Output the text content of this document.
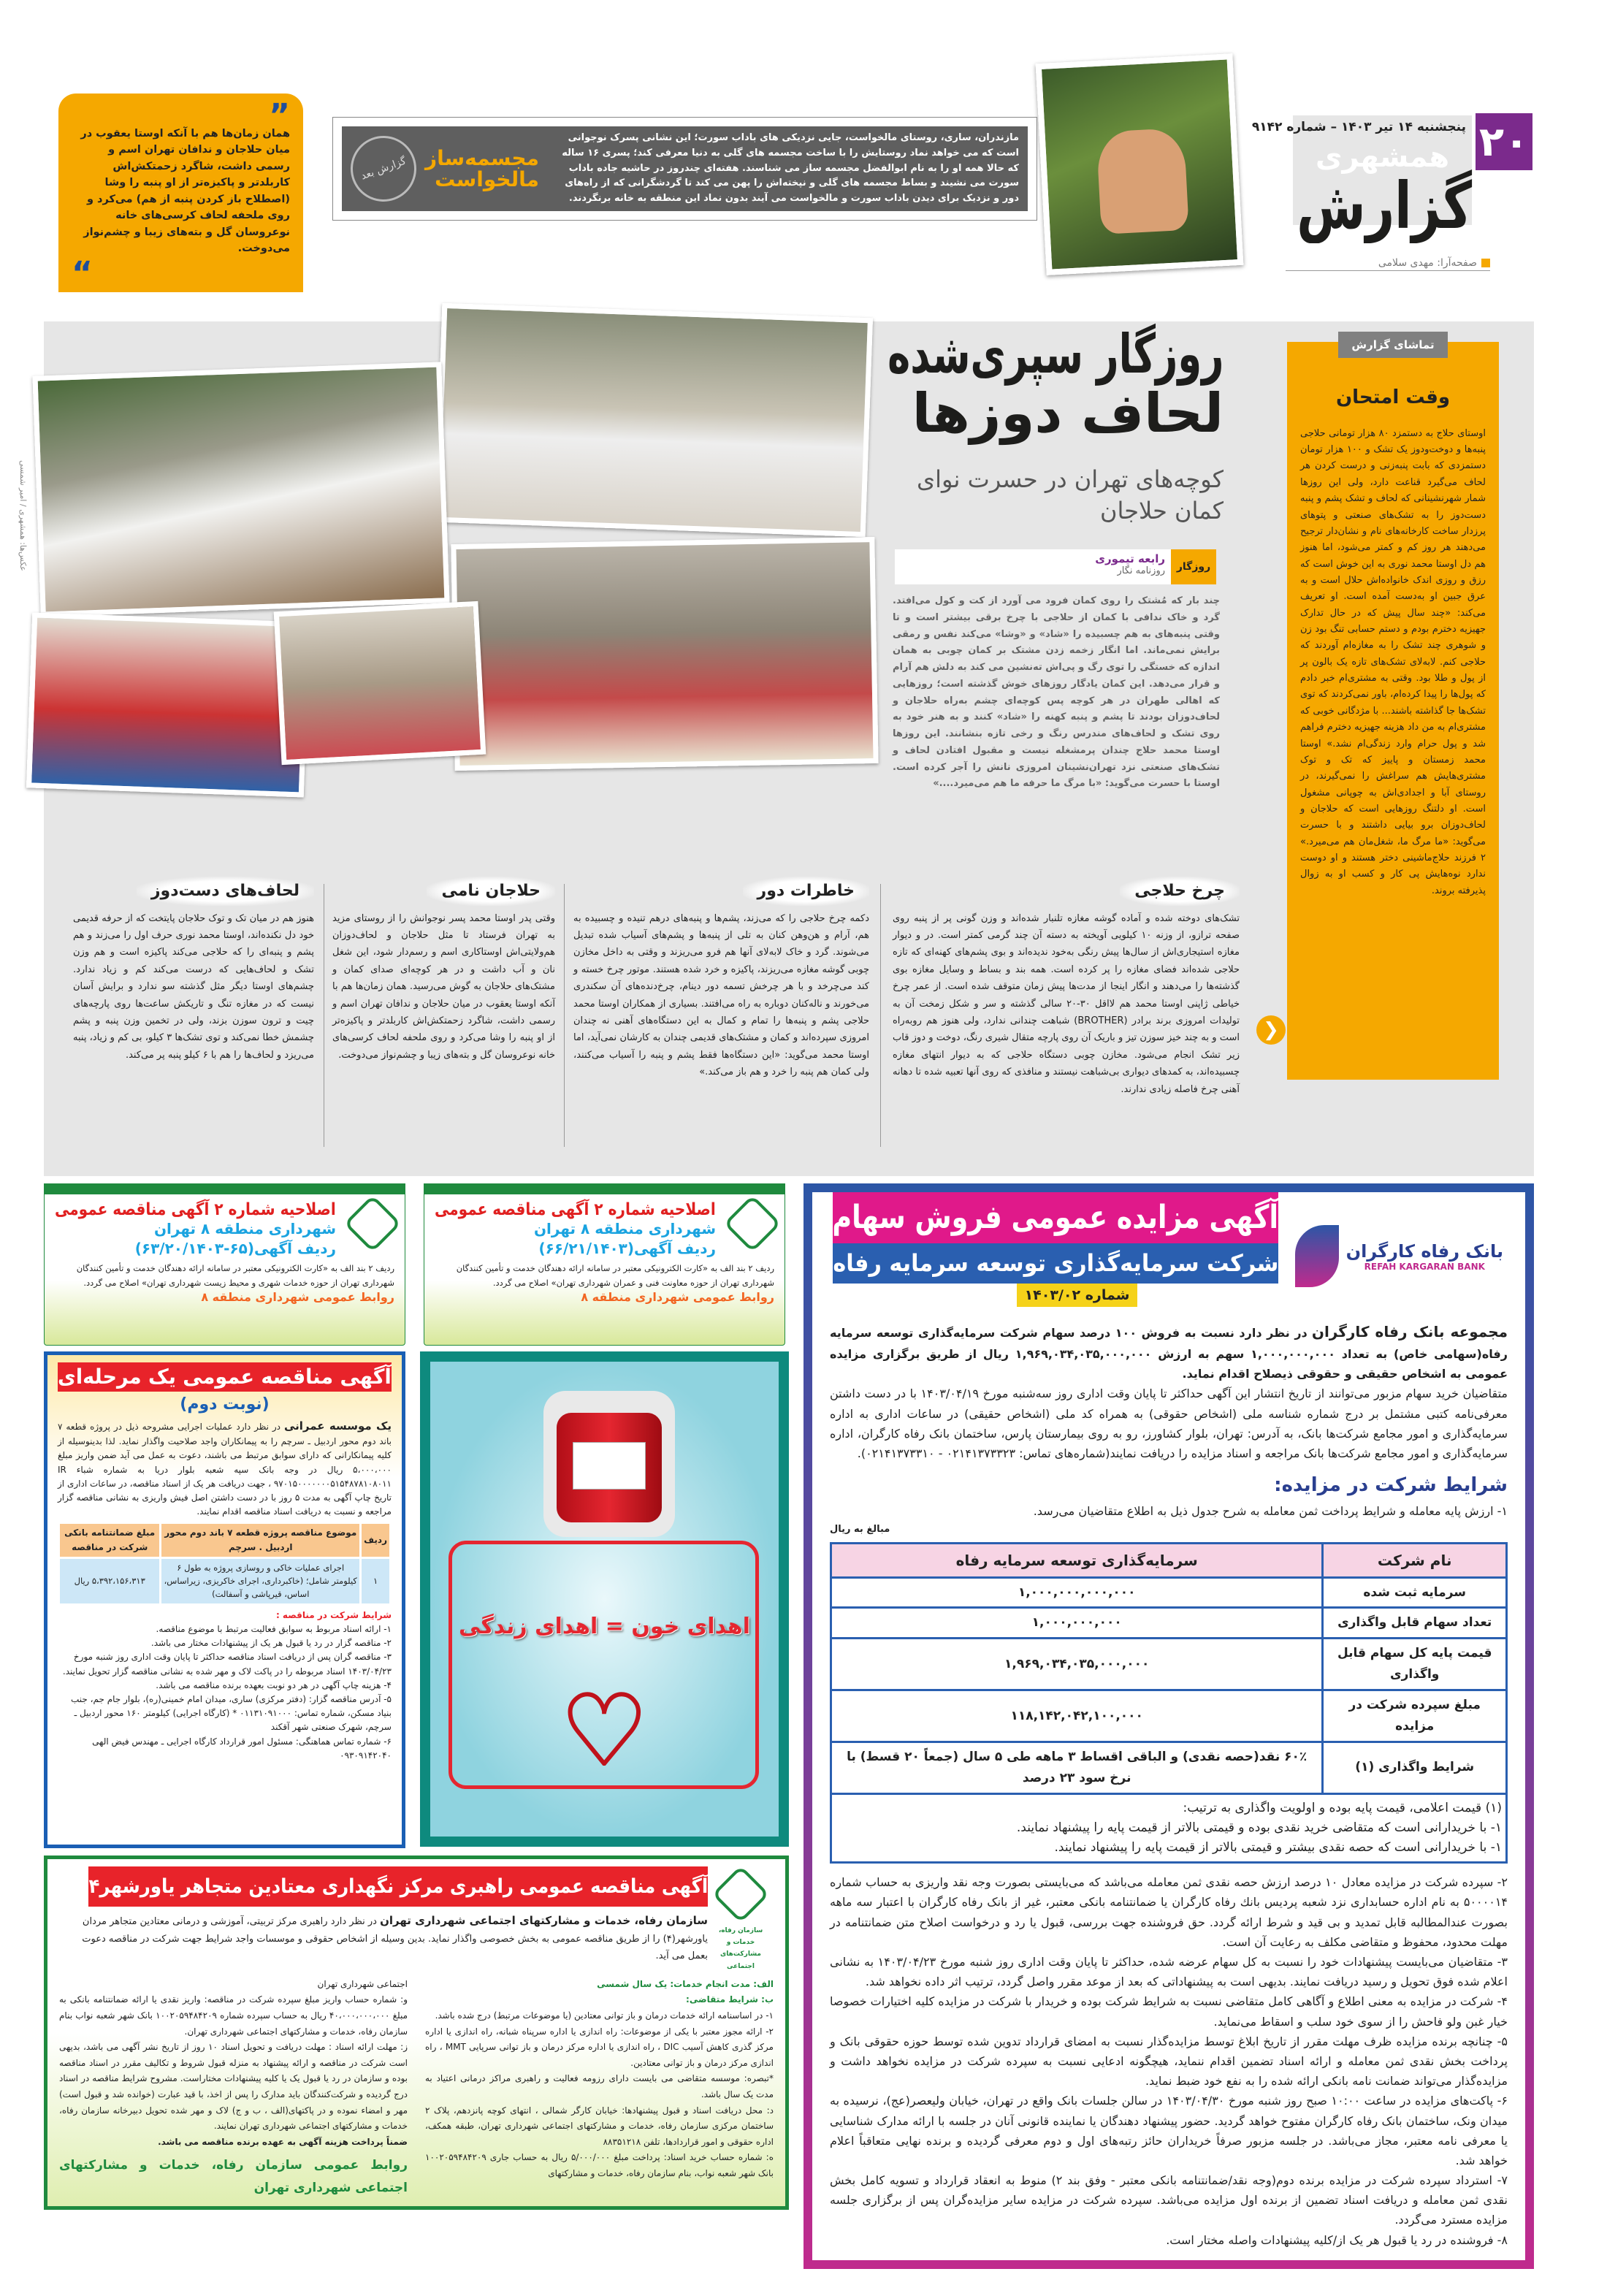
پنجشنبه ۱۴ تیر ۱۴۰۳ – شماره ۹۱۴۲
همشهری ۲۰
گزارش
صفحه‌آرا: مهدی سلامی
مازندران، ساری، روستای مالخواست، جایی نزدیکی های باداب سورت؛ این نشانی پسرک نوجوانی است که می خواهد نماد روستایش را با ساخت مجسمه های گلی به دنیا معرفی کند؛ پسری ۱۶ ساله که حالا همه او را به نام ابوالفضل مجسمه ساز می شناسند. هفته‌ای چندروز در حاشیه جاده باداب سورت می نشیند و بساط مجسمه های گلی و نپخته‌اش را پهن می کند تا گردشگرانی که از راه‌های دور و نزدیک برای دیدن باداب سورت و مالخواست می آیند بدون نماد این منطقه به خانه برنگردند.
مجسمه‌ساز
مالخواست
گزارش بعد
”
همان زمان‌ها هم با آنکه اوستا یعقوب در میان حلاجان و ندافان تهران اسم و رسمی داشت، شاگرد زحمتکش‌اش کاربلدتر و پاکیزه‌تر از او پنبه را وشا (اصطلاح باز کردن پنبه از هم) می‌کرد و روی ملحفه لحاف کرسی‌های خانه نوعروسان گل و بته‌های زیبا و چشم‌نواز می‌دوخت.
“
عکس‌ها: همشهری / امیر شمسی
روزگار سپری‌شده
لحاف دوزها
کوچه‌های تهران در حسرت نوای کمان حلاجان
روزگار
رابعه تیموری
روزنامه نگار
چند بار که مُشتک را روی کمان فرود می آورد از کت و کول می‌افتد. گرد و خاک ندافی با کمان از حلاجی با چرخ برقی بیشتر است و تا وقتی پنبه‌های به هم چسبیده را «شاد» و «وشا» می‌کند نفس و رمقی برایش نمی‌ماند. اما انگار زخمه زدن مشتک بر کمان چوبی به همان اندازه که خستگی را توی رگ و پی‌اش ته‌نشین می کند به دلش هم آرام و قرار می‌دهد. این کمان یادگار روزهای خوش گذشته است؛ روزهایی که اهالی طهران در هر کوچه پس کوچه‌ای چشم به‌راه حلاجان و لحاف‌دوزان بودند تا پشم و پنبه کهنه را «شاد» کنند و به هنر خود به روی تشک و لحاف‌های مندرس رنگ و رخی تازه بنشانند. این روزها اوستا محمد حلاج چندان پرمشغله نیست و مقبول افتادن لحاف و تشک‌های صنعتی نزد تهران‌نشینان امروزی نانش را آجر کرده است. اوستا با حسرت می‌گوید: «با مرگ ما حرفه ما هم می‌میرد....»
چرخ حلاجی
تشک‌های دوخته شده و آماده گوشه مغازه تلنبار شده‌اند و وزن گونی پر از پنبه روی صفحه ترازو، از وزنه ۱۰ کیلویی آویخته به دسته آن چند گرمی کمتر است. در و دیوار مغازه استیجاری‌اش از سال‌ها پیش رنگی به‌خود ندیده‌اند و بوی پشم‌های کهنه‌ای که تازه حلاجی شده‌اند فضای مغازه را پر کرده است. همه بند و بساط و وسایل مغازه بوی گذشته‌ها را می‌دهند و انگار اینجا از مدت‌ها پیش زمان متوقف شده است. از عمر چرخ خیاطی ژاپنی اوستا محمد هم لااقل ۳۰-۲۰ سالی گذشته و سر و شکل زمخت آن به تولیدات امروزی برند برادر (BROTHER) شباهت چندانی ندارد، ولی هنوز هم روبه‌راه است و به چند خیز سوزن تیز و باریک آن روی پارچه متقال شیری رنگ، دوخت و دوز قاب زیر تشک انجام می‌شود. مخازن چوبی دستگاه حلاجی که به دیوار انتهای مغازه چسبیده‌اند، به کمدهای دیواری بی‌شباهت نیستند و منافذی که روی آنها تعبیه شده تا دهانه آهنی چرخ فاصله زیادی ندارند.
خاطرات دور
دکمه چرخ حلاجی را که می‌زند، پشم‌ها و پنبه‌های درهم تنیده و چسبیده به هم، آرام و هن‌وهن کنان به تلی از پنبه‌ها و پشم‌های آسیاب شده تبدیل می‌شوند. گرد و خاک لابه‌لای آنها هم فرو می‌ریزند و وقتی به داخل مخازن چوبی گوشه مغازه می‌ریزند، پاکیزه و خرد شده هستند. موتور چرخ خسته و کند می‌چرخد و با هر چرخش تسمه دور دینام، چرخ‌دنده‌های آن سکندری می‌خورند و ناله‌کنان دوباره به راه می‌افتند. بسیاری از همکاران اوستا محمد حلاجی پشم و پنبه‌ها را تمام و کمال به این دستگاه‌های آهنی نه چندان امروزی سپرده‌اند و کمان و مشتک‌های قدیمی چندان به کارشان نمی‌آید، اما اوستا محمد می‌گوید: «این دستگاه‌ها فقط پشم و پنبه را آسیاب می‌کنند، ولی کمان هم پنبه را خرد و هم باز می‌کند.»
حلاجان نامی
وقتی پدر اوستا محمد پسر نوجوانش را از روستای مزید به تهران فرستاد تا مثل حلاجان و لحاف‌دوزان هم‌ولایتی‌اش اوستاکاری اسم و رسم‌دار شود، این شغل نان و آب داشت و در هر کوچه‌ای صدای کمان و مشتک‌های حلاجان به گوش می‌رسید. همان زمان‌ها هم با آنکه اوستا یعقوب در میان حلاجان و ندافان تهران اسم و رسمی داشت، شاگرد زحمتکش‌اش کاربلدتر و پاکیزه‌تر از او پنبه را وشا می‌کرد و روی ملحفه لحاف کرسی‌های خانه نوعروسان گل و بته‌های زیبا و چشم‌نواز می‌دوخت.
لحاف‌های دست‌دوز
هنوز هم در میان تک و توک حلاجان پایتخت که از حرفه قدیمی خود دل نکنده‌اند، اوستا محمد نوری حرف اول را می‌زند و هم پشم و پنبه‌ای را که حلاجی می‌کند پاکیزه است و هم وزن تشک و لحاف‌هایی که درست می‌کند کم و زیاد ندارد. چشم‌های اوستا دیگر مثل گذشته سو ندارد و برایش آسان نیست که در مغازه تنگ و تاریکش ساعت‌ها روی پارچه‌های چیت و ترون سوزن بزند، ولی در تخمین وزن پنبه و پشم چشمش خطا نمی‌کند و توی تشک‌ها ۳ کیلو، بی کم و زیاد، پنبه می‌ریزد و لحاف‌ها را هم با ۶ کیلو پنبه پر می‌کند.
تماشای گزارش
وقت امتحان
اوستای حلاج به دستمزد ۸۰ هزار تومانی حلاجی پنبه‌ها و دوخت‌ودوز یک تشک و ۱۰۰ هزار تومان دستمزدی که بابت پنبه‌زنی و درست کردن هر لحاف می‌گیرد قناعت دارد، ولی این روزها شمار شهرنشینانی که لحاف و تشک پشم و پنبه دست‌دوز را به تشک‌های صنعتی و پتوهای پرزدار ساخت کارخانه‌های نام و نشان‌دار ترجیح می‌دهند هر روز کم و کمتر می‌شود، اما هنوز هم دل اوستا محمد نوری به این خوش است که رزق و روزی اندک خانواده‌اش حلال است و به عرق جبین او به‌دست آمده است. او تعریف می‌کند: «چند سال پیش که در حال تدارک جهیزیه دخترم بودم و دستم حسابی تنگ بود زن و شوهری چند تشک را به مغازه‌ام آوردند که حلاجی کنم. لابه‌لای تشک‌های تازه یک بالون پر از پول و طلا بود. وقتی به مشتری‌ام خبر دادم که پول‌ها را پیدا کرده‌ام، باور نمی‌کردند که توی تشک‌ها جا گذاشته باشند... با مژدگانی خوبی که مشتری‌ام به من داد هزینه جهیزیه دخترم فراهم شد و پول حرام وارد زندگی‌ام نشد.» اوستا محمد زمستان و پاییز که تک و توک مشتری‌هایش هم سراغش را نمی‌گیرند، در روستای آبا و اجدادی‌اش به چوپانی مشغول است. او دلتنگ روزهایی است که حلاجان و لحاف‌دوزان برو بیایی داشتند و با حسرت می‌گوید: «ما مرگ ما، شغل‌مان هم می‌میرد.» ۲ فرزند حلاج‌ماشینی دختر هستند و او دوست ندارد نوه‌هایش پی کار و کسب او به زوال پذیرفته بروند.
❮
آگهی مزایده عمومی فروش سهام
شرکت سرمایه‌گذاری توسعه سرمایه رفاه
شماره ۱۴۰۳/۰۲
بانک رفاه کارگران
REFAH KARGARAN BANK

مجموعه بانک رفاه کارگران در نظر دارد نسبت به فروش ۱۰۰ درصد سهام شرکت سرمایه‌گذاری توسعه سرمایه رفاه(سهامی خاص) به تعداد ۱,۰۰۰,۰۰۰,۰۰۰ سهم به ارزش ۱,۹۶۹,۰۳۴,۰۳۵,۰۰۰,۰۰۰ ریال از طریق برگزاری مزایده عمومی به اشخاص حقیقی و حقوقی ذیصلاح اقدام نماید.

متقاضیان خرید سهام مزبور می‌توانند از تاریخ انتشار این آگهی حداکثر تا پایان وقت اداری روز سه‌شنبه مورخ ۱۴۰۳/۰۴/۱۹ با در دست داشتن معرفی‌نامه کتبی مشتمل بر درج شماره شناسه ملی (اشخاص حقوقی) به همراه کد ملی (اشخاص حقیقی) در ساعات اداری به اداره سرمایه‌گذاری و امور مجامع شرکت‌ها بانک، به آدرس: تهران، بلوار کشاورز، رو به روی بیمارستان پارس، ساختمان بانک رفاه کارگران، اداره سرمایه‌گذاری و امور مجامع شرکت‌ها بانک مراجعه و اسناد مزایده را دریافت نمایند(شماره‌های تماس: ۰۲۱۴۱۳۷۳۳۲۳ - ۰۲۱۴۱۳۷۳۳۱۰).

شرایط شرکت در مزایده:

۱- ارزش پایه معامله و شرایط پرداخت ثمن معامله به شرح جدول ذیل به اطلاع متقاضیان می‌رسد.

مبالغ به ریال
نام شرکت	سرمایه‌گذاری توسعه سرمایه رفاه
سرمایه ثبت شده	۱,۰۰۰,۰۰۰,۰۰۰,۰۰۰
تعداد سهام قابل واگذاری	۱,۰۰۰,۰۰۰,۰۰۰
قیمت پایه کل سهام قابل واگذاری	۱,۹۶۹,۰۳۴,۰۳۵,۰۰۰,۰۰۰
مبلغ سپرده شرکت در مزایده	۱۱۸,۱۴۲,۰۴۲,۱۰۰,۰۰۰
شرایط واگذاری (۱)	۶۰٪ نقد(حصه نقدی) و الباقی اقساط ۳ ماهه طی ۵ سال (جمعاً ۲۰ قسط) با نرخ سود ۲۳ درصد

(۱) قیمت اعلامی، قیمت پایه بوده و اولویت واگذاری به ترتیب:
۱- با خریدارانی است که متقاضی خرید نقدی بوده و قیمتی بالاتر از قیمت پایه را پیشنهاد نمایند.
۱- با خریدارانی است که حصه نقدی بیشتر و قیمتی بالاتر از قیمت پایه را پیشنهاد نمایند.	

۲- سپرده شرکت در مزایده معادل ۱۰ درصد ارزش حصه نقدی ثمن معامله می‌باشد که می‌بایستی بصورت وجه نقد واریزی به حساب شماره ۵۰۰۰۰۱۴ به نام اداره حسابداری نزد شعبه پردیس بانك رفاه کارگران یا ضمانتنامه بانکی معتبر، غیر از بانک رفاه کارگران با اعتبار سه ماهه بصورت عندالمطالبه قابل تمدید و بی قید و شرط ارائه گردد. حق فروشنده جهت بررسی، قبول یا رد و درخواست اصلاح متن ضمانتنامه در مهلت محدود، محفوظ و متقاضی مکلف به رعایت آن است.

۳- متقاضیان می‌بایست پیشنهادات خود را نسبت به کل سهام عرضه شده، حداکثر تا پایان وقت اداری روز شنبه مورخ ۱۴۰۳/۰۴/۲۳ به نشانی اعلام شده فوق تحویل و رسید دریافت نمایند. بدیهی است به پیشنهاداتی که بعد از موعد مقرر واصل گردد، ترتیب اثر داده نخواهد شد.

۴- شرکت در مزایده به معنی اطلاع و آگاهی کامل متقاضی نسبت به شرایط شرکت بوده و خریدار با شرکت در مزایده کلیه اختیارات خصوصا خیار غبن ولو فاحش را از سوی خود سلب و اسقاط می‌نماید.

۵- چنانچه برنده مزایده ظرف مهلت مقرر از تاریخ ابلاغ توسط مزایده‌گذار نسبت به امضای قرارداد تدوین شده توسط حوزه حقوقی بانک و پرداخت بخش نقدی ثمن معامله و ارائه اسناد تضمین اقدام ننماید، هیچگونه ادعایی نسبت به سپرده شرکت در مزایده نخواهد داشت و مزایده‌گذار می‌تواند ضمانت نامه بانکی ارائه شده را به نفع خود ضبط نماید.

۶- پاکت‌های مزایده در ساعت ۱۰:۰۰ صبح روز شنبه مورخ ۱۴۰۳/۰۴/۳۰ در سالن جلسات بانک واقع در تهران، خیابان ولیعصر(عج)، نرسیده به میدان ونک، ساختمان بانک رفاه کارگران مفتوح خواهد گردید. حضور پیشنهاد دهندگان یا نماینده قانونی آنان در جلسه با ارائه مدارک شناسایی یا معرفی نامه معتبر، مجاز می‌باشد. در جلسه مزبور صرفاً خریداران حائز رتبه‌های اول و دوم معرفی گردیده و برنده نهایی متعاقباً اعلام خواهد شد.

۷- استرداد سپرده شرکت در مزایده برنده دوم(وجه نقد/ضمانتنامه بانکی معتبر - وفق بند ۲) منوط به انعقاد قرارداد و تسویه کامل بخش نقدی ثمن معامله و دریافت اسناد تضمین از برنده اول مزایده می‌باشد. سپرده شرکت در مزایده سایر مزایده‌گران پس از برگزاری جلسه مزایده مسترد می‌گردد.

۸- فروشنده در رد یا قبول هر یک از/کلیه پیشنهادات واصله مختار است.

اصلاحیه شماره ۲ آگهی مناقصه عمومی
شهرداری منطقه ۸ تهران
ردیف آگهی(۶۶/۲۱/۱۴۰۳)
ردیف ۲ بند الف به «کارت الکترونیکی معتبر در سامانه ارائه دهندگان خدمت و تأمین کنندگان شهرداری تهران از حوزه معاونت فنی و عمران شهرداری تهران» اصلاح می گردد.
روابط عمومی شهرداری منطقه ۸
اصلاحیه شماره ۲ آگهی مناقصه عمومی
شهرداری منطقه ۸ تهران
ردیف آگهی(۶۵-۶۳/۲۰/۱۴۰۳)
ردیف ۲ بند الف به «کارت الکترونیکی معتبر در سامانه ارائه دهندگان خدمت و تأمین کنندگان شهرداری تهران از حوزه خدمات شهری و محیط زیست شهرداری تهران» اصلاح می گردد.
روابط عمومی شهرداری منطقه ۸
آگهی مناقصه عمومی یک مرحله‌ای
(نوبت دوم)

یک موسسه عمرانی در نظر دارد عملیات اجرایی مشروحه ذیل در پروژه قطعه ۷ باند دوم محور اردبیل ـ سرچم را به پیمانکاران واجد صلاحیت واگذار نماید. لذا بدینوسیله از کلیه پیمانکارانی که دارای سوابق مرتبط می باشند، دعوت به عمل می آید ضمن واریز مبلغ ۵،۰۰۰،۰۰۰ ریال در وجه بانک سپه شعبه بلوار دریا به شماره شباء IR ۹۷۰۱۵۰۰۰۰۰۰۰۵۱۵۴۸۷۸۱۰۸۰۱۱ ، جهت دریافت هر یک از اسناد مناقصه، در ساعات اداری از تاریخ چاپ آگهی به مدت ۵ روز با در دست داشتن اصل فیش واریزی به نشانی مناقصه گزار مراجعه و نسبت به دریافت اسناد مناقصه اقدام نمایند.

ردیف	موضوع مناقصه پروژه قطعه ۷ باند دوم محور اردبیل . سرچم	مبلغ ضمانتنامه بانکی شرکت در مناقصه
۱	اجرای عملیات خاکی و روسازی پروژه به طول ۶ کیلومتر شامل؛ (خاکبرداری، اجرای خاکریزی، زیراساس، اساس، قیرپاشی و آسفالت)	۵،۳۹۲،۱۵۶،۳۱۳ ریال
شرایط شرکت در مناقصه :
۱- ارائه اسناد مربوط به سوابق فعالیت مرتبط با موضوع مناقصه.
۲- مناقصه گزار در رد یا قبول هر یک از پیشنهادات مختار می باشد.
۳- مناقصه گران پس از دریافت اسناد مناقصه حداکثر تا پایان وقت اداری روز شنبه مورخ ۱۴۰۳/۰۴/۲۳ اسناد مربوطه را در پاکت لاک و مهر شده به نشانی مناقصه گزار تحویل نمایند.
۴- هزینه چاپ آگهی در هر دو نوبت بعهده برنده مناقصه می باشد.
۵- آدرس مناقصه گزار: (دفتر مرکزی) ساری، میدان امام خمینی(ره)، بلوار جام جم، جنب بنیاد مسکن، شماره تماس: ۰۱۱۳۱۰۹۱۰۰۰ * (کارگاه اجرایی) کیلومتر ۱۶۰ محور اردبیل ـ سرچم، شهرک صنعتی شهر آقکند
۶- شماره تماس هماهنگی: مسئول امور قرارداد کارگاه اجرایی ـ مهندس فیض الهی ۰۹۳۰۹۱۴۲۰۴۰
اهدای خون = اهدای زندگی
♥
سازمان رفاه، خدمات و مشارکت‌های اجتماعی
آگهی مناقصه عمومی راهبری مرکز نگهداری معتادین متجاهر یاورشهر۴

سازمان رفاه، خدمات و مشارکتهای اجتماعی شهرداری تهران در نظر دارد راهبری مرکز تربیتی، آموزشی و درمانی معتادین متجاهر مردان یاورشهر(۴) را از طریق مناقصه عمومی به بخش خصوصی واگذار نماید. بدین وسیله از اشخاص حقوقی و موسسات واجد شرایط جهت شرکت در مناقصه دعوت بعمل می آید.

الف: مدت انجام خدمات: یک سال شمسی
ب: شرایط متقاضی:
۱- در اساسنامه ارائه خدمات درمان و باز توانی معتادین (یا موضوعات مرتبط) درج شده باشد.
۲- ارائه مجوز معتبر با یکی از موضوعات: راه اندازی یا اداره سرپناه شبانه، راه اندازی یا اداره مرکز گذری کاهش آسیب DIC ، راه اندازی یا اداره مرکز درمان و باز توانی سرپایی MMT ، راه اندازی مرکز درمان و باز توانی معتادین.
*تبصره: موسسه متقاضی می بایست دارای رزومه فعالیت و راهبری مراکز درمانی اعتیاد به مدت یک سال باشد.
د: محل دریافت اسناد و قبول پیشنهادها: خیابان کارگر شمالی ، انتهای کوچه پانزدهم، پلاک ۲ ساختمان مرکزی سازمان رفاه، خدمات و مشارکتهای اجتماعی شهرداری تهران، طبقه همکف، اداره حقوقی و امور قراردادها، تلفن ۸۸۳۵۱۲۱۸
ه: شماره حساب خرید اسناد: پرداخت مبلغ ۵/۰۰۰/۰۰۰ ریال به حساب جاری ۱۰۰۲۰۵۹۴۸۴۲۰۹ بانک شهر شعبه نواب، بنام سازمان رفاه، خدمات و مشارکتهای
اجتماعی شهرداری تهران
و: شماره حساب واریز مبلغ سپرده شرکت در مناقصه: واریز نقدی یا ارائه ضمانتنامه بانکی به مبلغ ۴۰،۰۰۰،۰۰۰،۰۰۰ ریال به حساب سپرده شماره ۱۰۰۲۰۵۹۴۸۴۲۰۹ بانک شهر شعبه نواب بنام سازمان رفاه، خدمات و مشارکتهای اجتماعی شهرداری تهران.
ز: مهلت ارائه اسناد : مهلت دریافت و تحویل اسناد ۱۰ روز از تاریخ نشر آگهی می باشد، بدیهی است شرکت در مناقصه و ارائه پیشنهاد به منزله قبول شروط و تکالیف مقرر در اسناد مناقصه بوده و سازمان در رد یا قبول یک یا کلیه پیشنهادات مختاراست. مشروح شرایط مناقصه در اسناد درج گردیده و شرکت‌کنندگان باید مدارک را پس از اخذ، با قید عبارت (خوانده شد و قبول است) مهر و امضاء نموده و در پاکتهای(الف ، ب و ج) لاک و مهر شده تحویل دبیرخانه سازمان رفاه، خدمات و مشارکتهای اجتماعی شهرداری تهران نمایند.
ضمناً پرداخت هزینه آگهی به عهده برنده مناقصه می باشد.
روابط عمومی سازمان رفاه، خدمات و مشارکتهای اجتماعی شهرداری تهران
